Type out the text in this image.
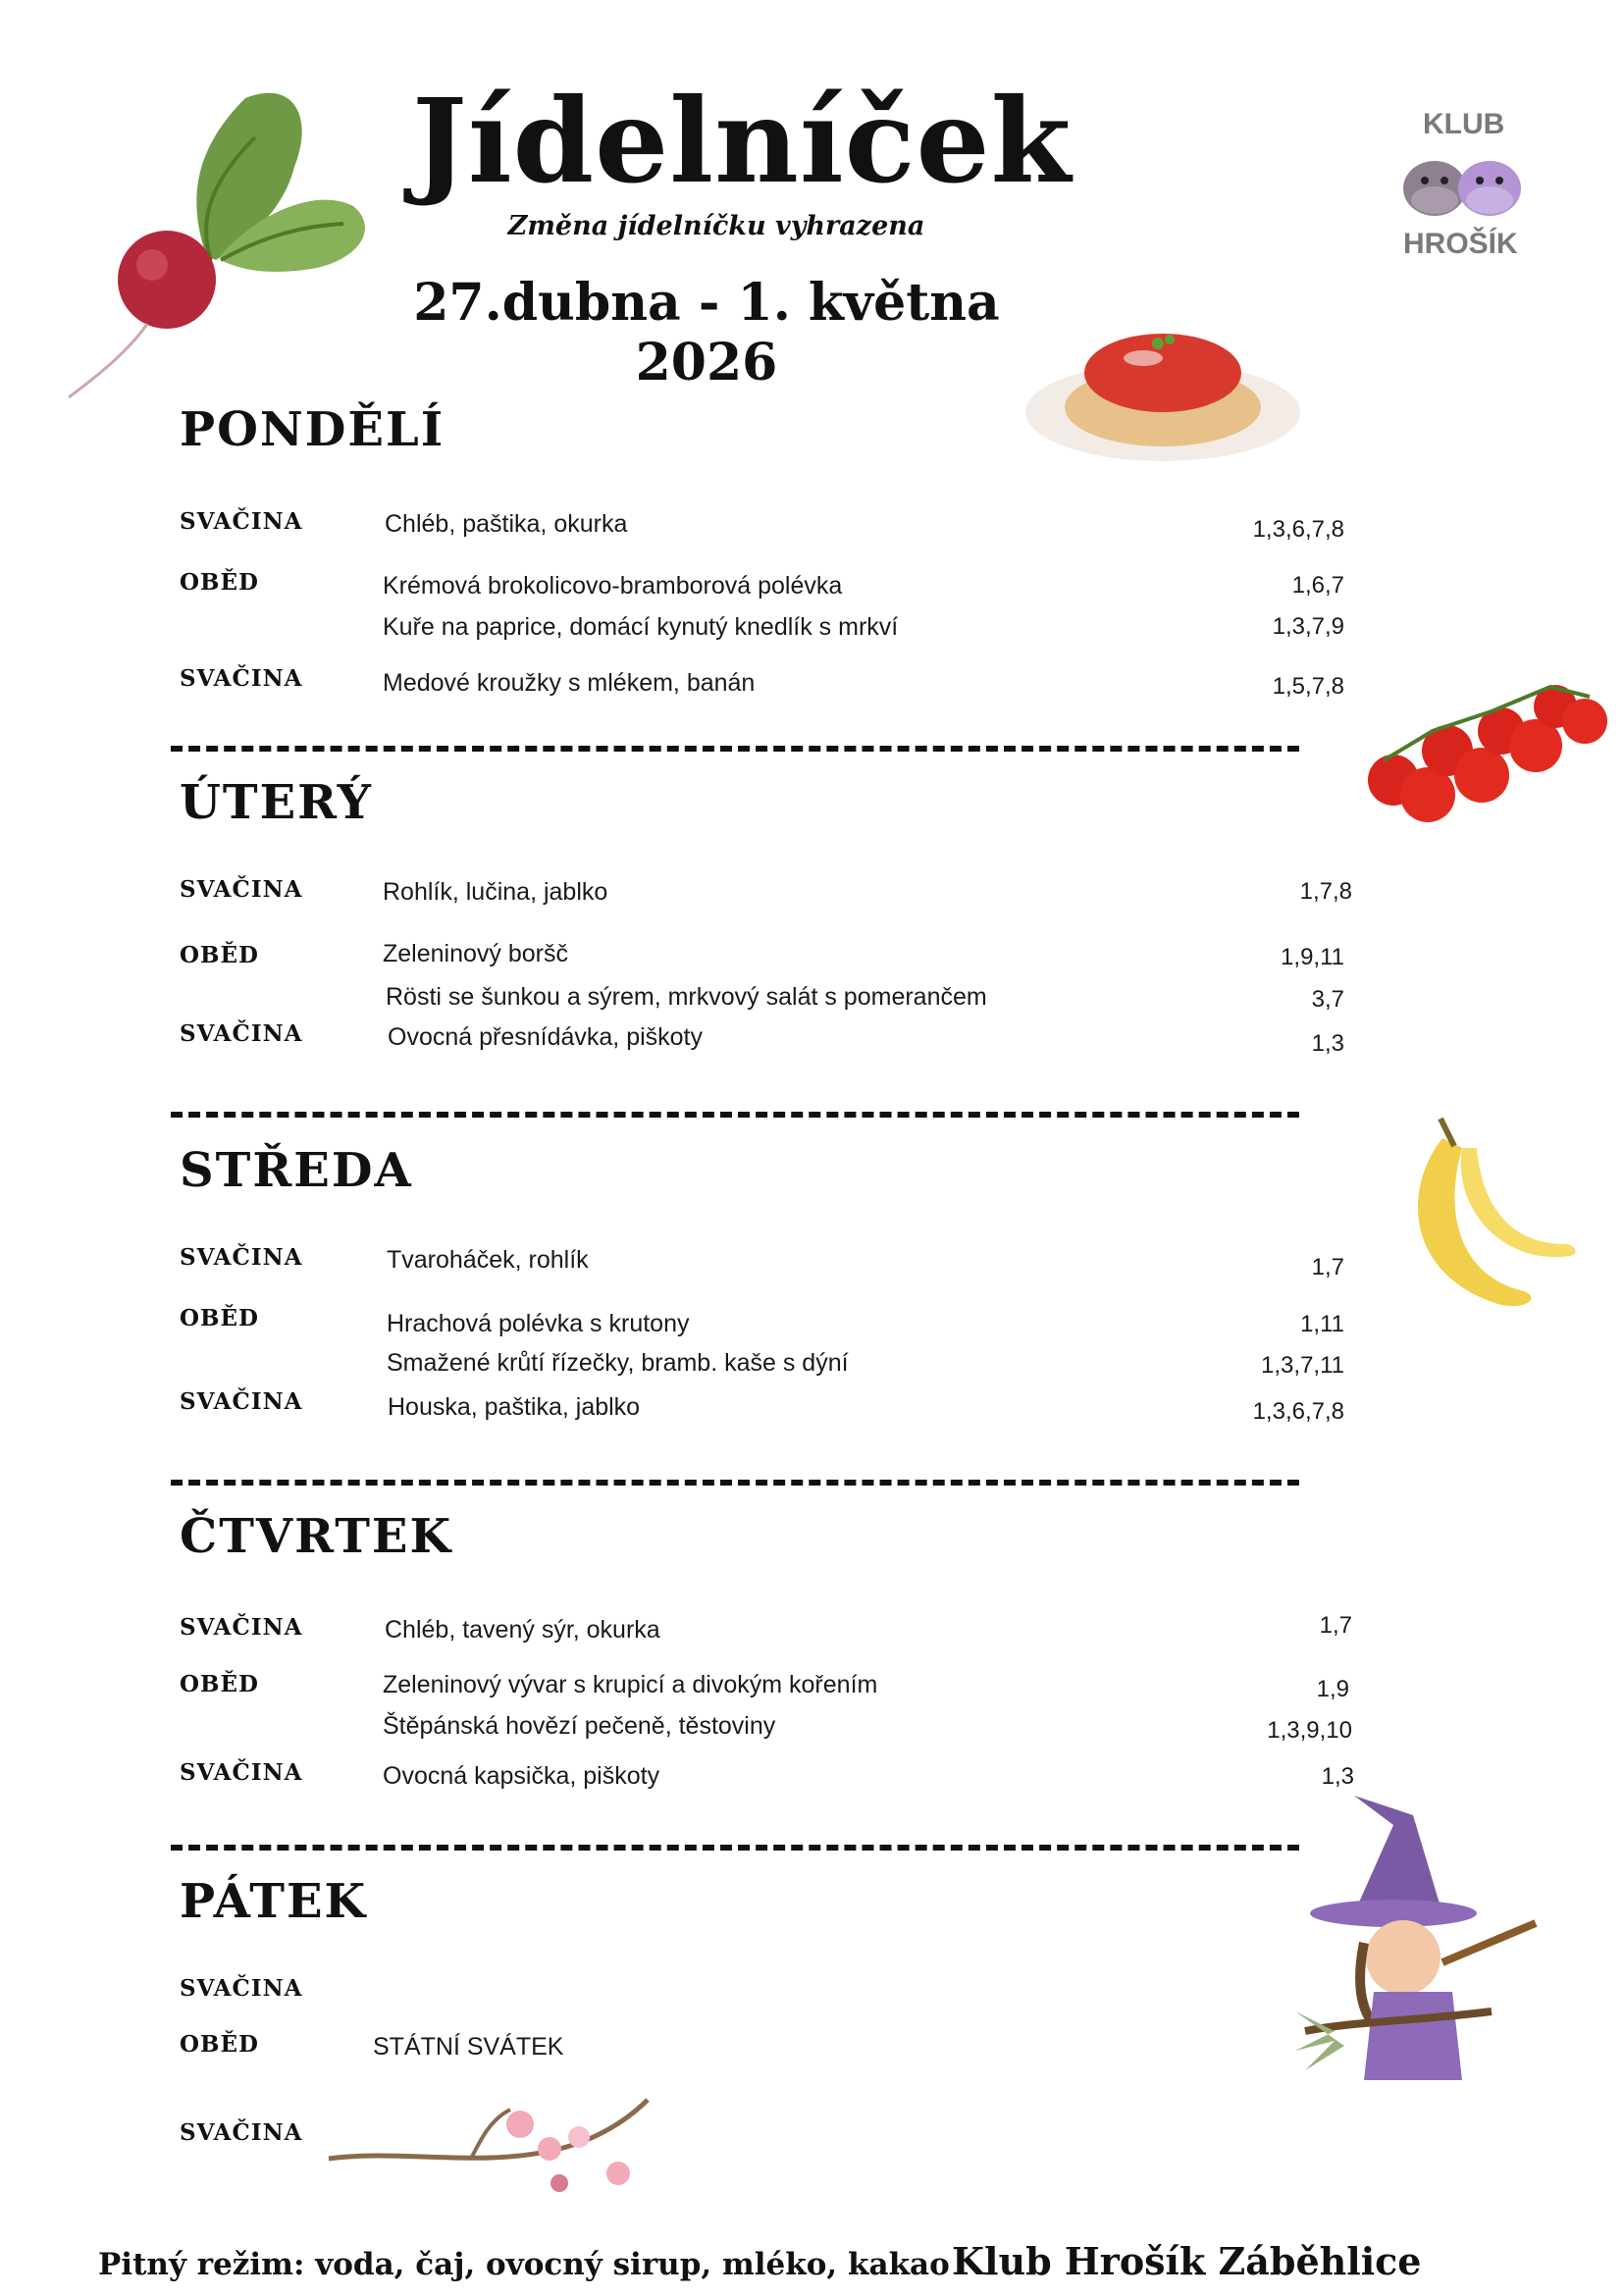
Jídelníček
Změna jídelníčku vyhrazena
27.dubna - 1. května 2026
KLUB
HROŠÍK
PONDĚLÍ
SVAČINA	Chléb, paštika, okurka	1,3,6,7,8
OBĚD	Krémová brokolicovo-bramborová polévka	1,6,7
Kuře na paprice, domácí kynutý knedlík s mrkví	1,3,7,9
SVAČINA	Medové kroužky s mlékem, banán	1,5,7,8
ÚTERÝ
SVAČINA	Rohlík, lučina, jablko	1,7,8
OBĚD	Zeleninový boršč	1,9,11
Rösti se šunkou a sýrem, mrkvový salát s pomerančem	3,7
SVAČINA	Ovocná přesnídávka, piškoty	1,3
STŘEDA
SVAČINA	Tvaroháček, rohlík	1,7
OBĚD	Hrachová polévka s krutony	1,11
Smažené krůtí řízečky, bramb. kaše s dýní	1,3,7,11
SVAČINA	Houska, paštika, jablko	1,3,6,7,8
ČTVRTEK
SVAČINA	Chléb, tavený sýr, okurka	1,7
OBĚD	Zeleninový vývar s krupicí a divokým kořením	1,9
Štěpánská hovězí pečeně, těstoviny	1,3,9,10
SVAČINA	Ovocná kapsička, piškoty	1,3
PÁTEK
SVAČINA
OBĚD	STÁTNÍ SVÁTEK
SVAČINA
Pitný režim: voda, čaj, ovocný sirup, mléko, kakao Klub Hrošík Záběhlice
